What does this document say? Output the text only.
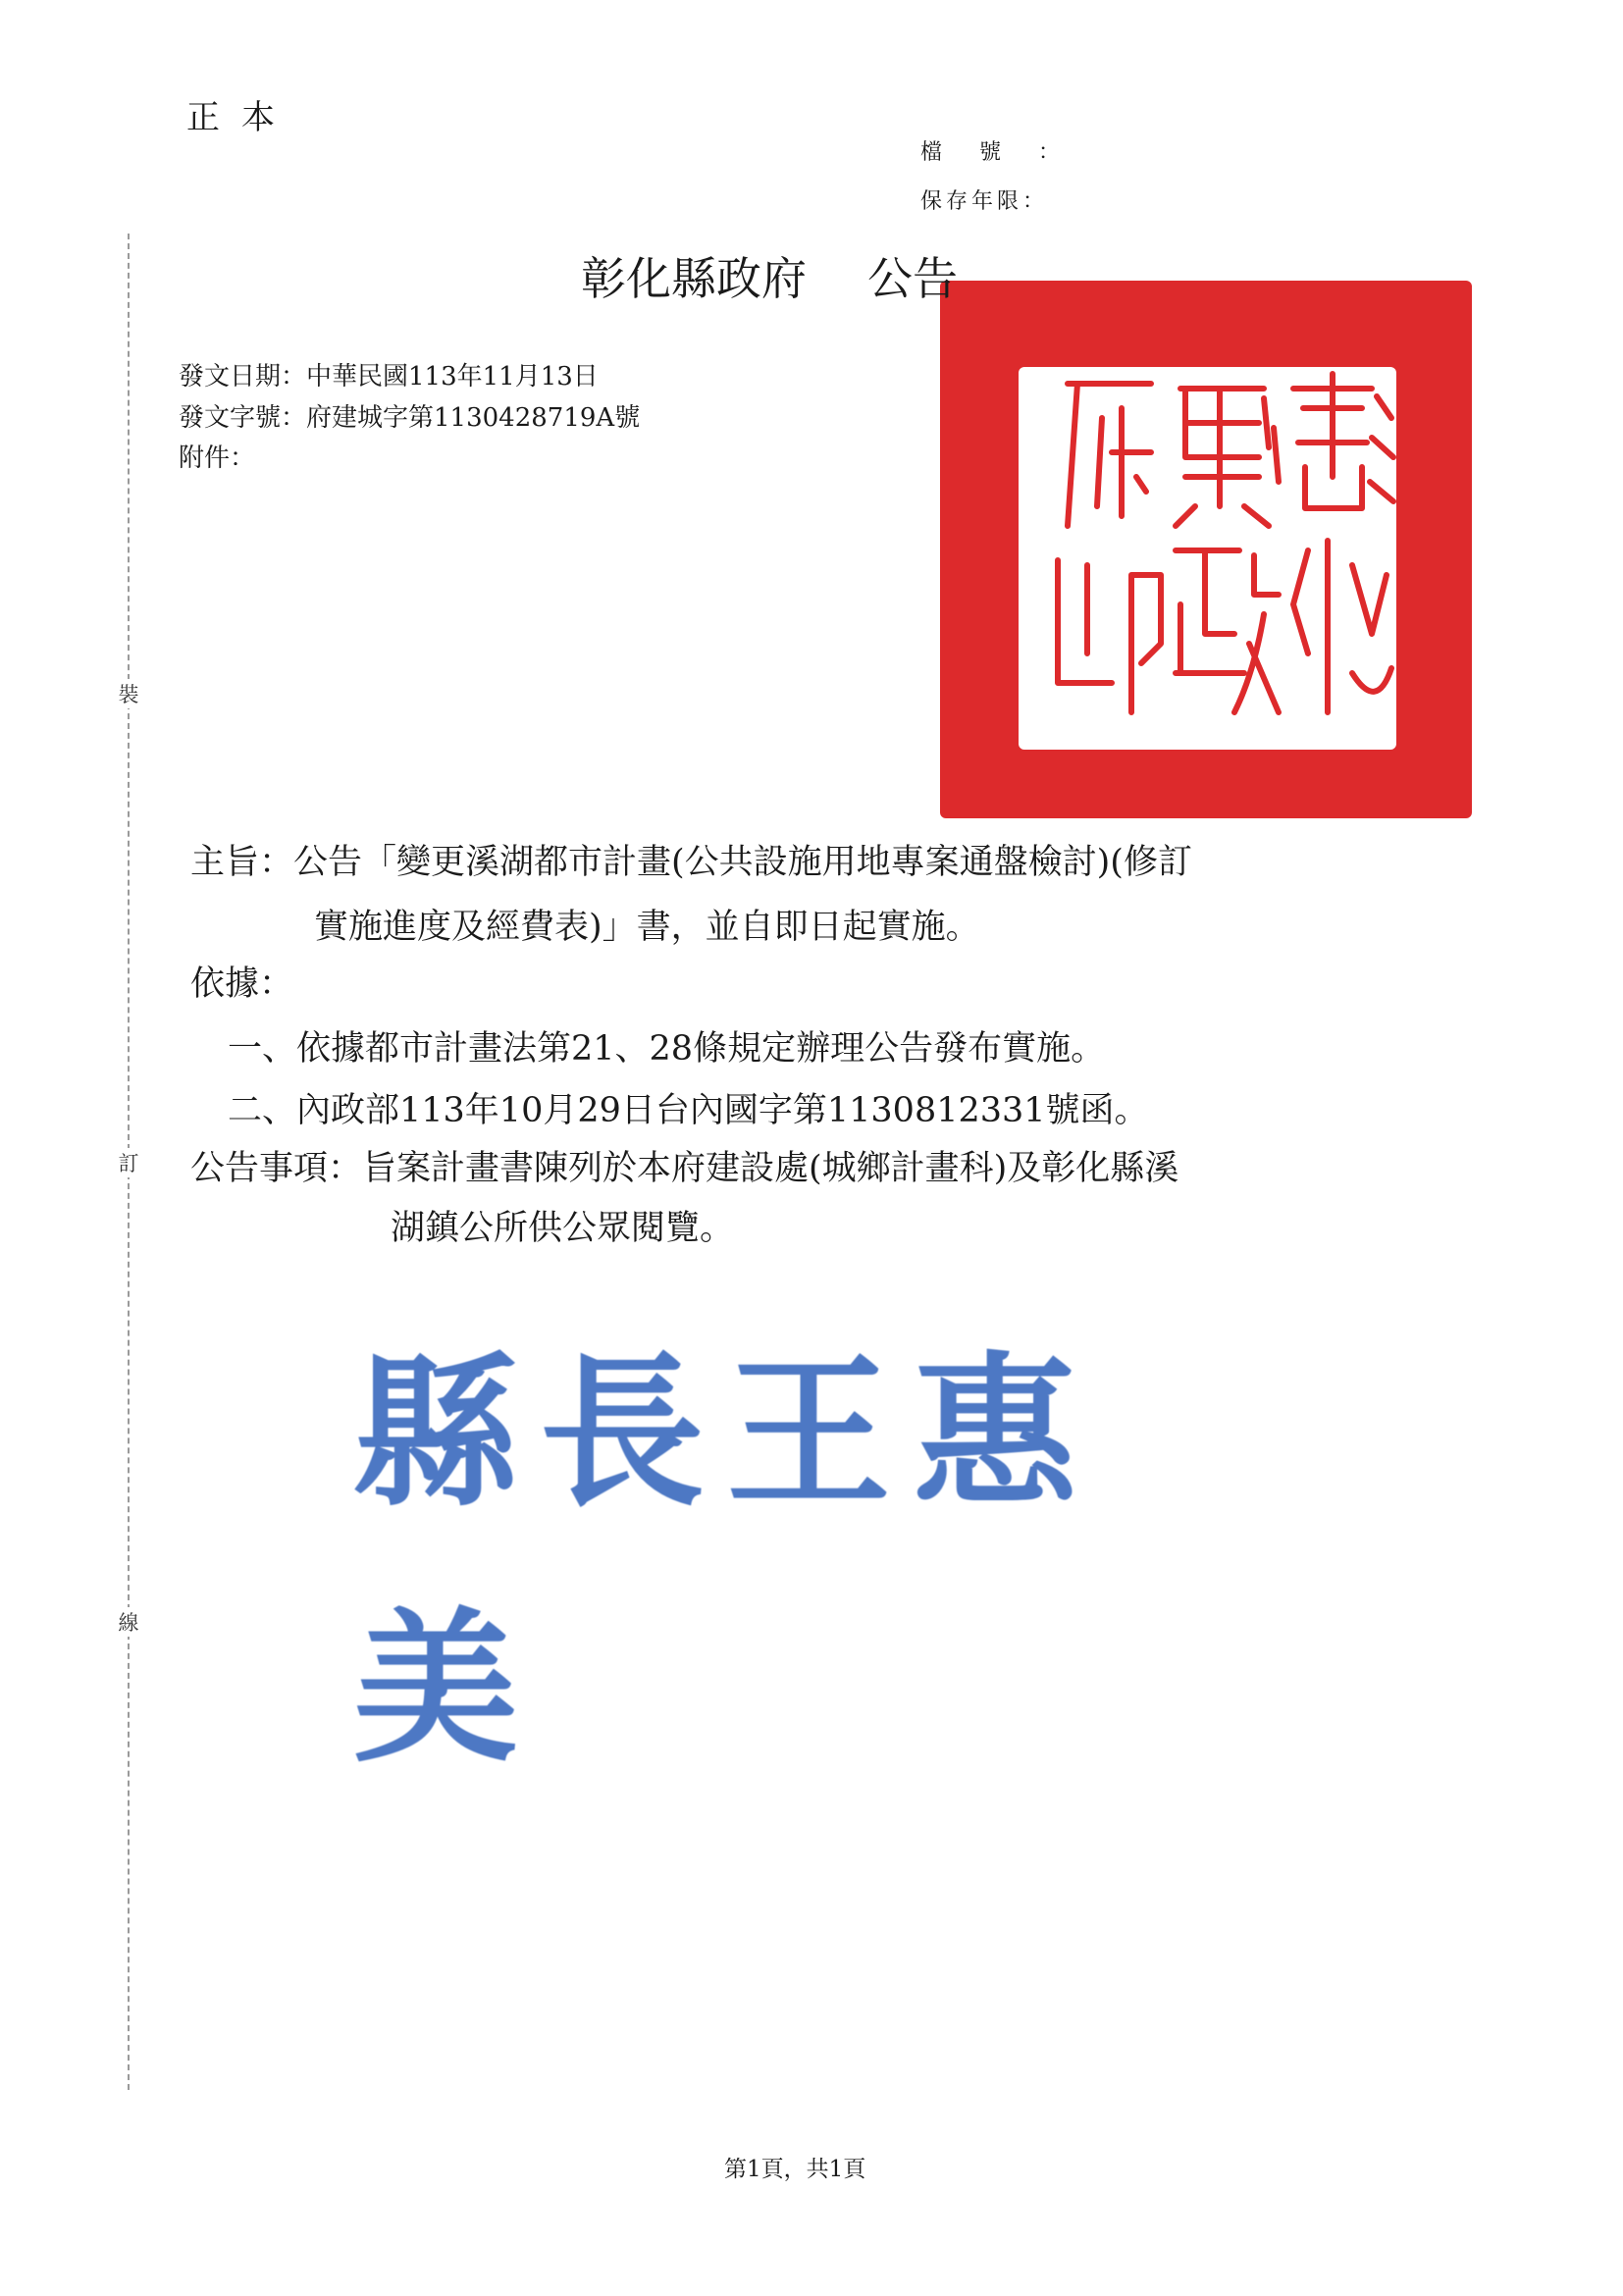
正本
檔號：
保存年限：
裝
訂
線
彰化縣政府 公告
發文日期：中華民國113年11月13日
發文字號：府建城字第1130428719A號
附件：
主旨：公告「變更溪湖都市計畫(公共設施用地專案通盤檢討)(修訂
實施進度及經費表)」書，並自即日起實施。
依據：
一、依據都市計畫法第21、28條規定辦理公告發布實施。
二、內政部113年10月29日台內國字第1130812331號函。
公告事項：旨案計畫書陳列於本府建設處(城鄉計畫科)及彰化縣溪
湖鎮公所供公眾閱覽。
縣長王惠美
第1頁，共1頁
